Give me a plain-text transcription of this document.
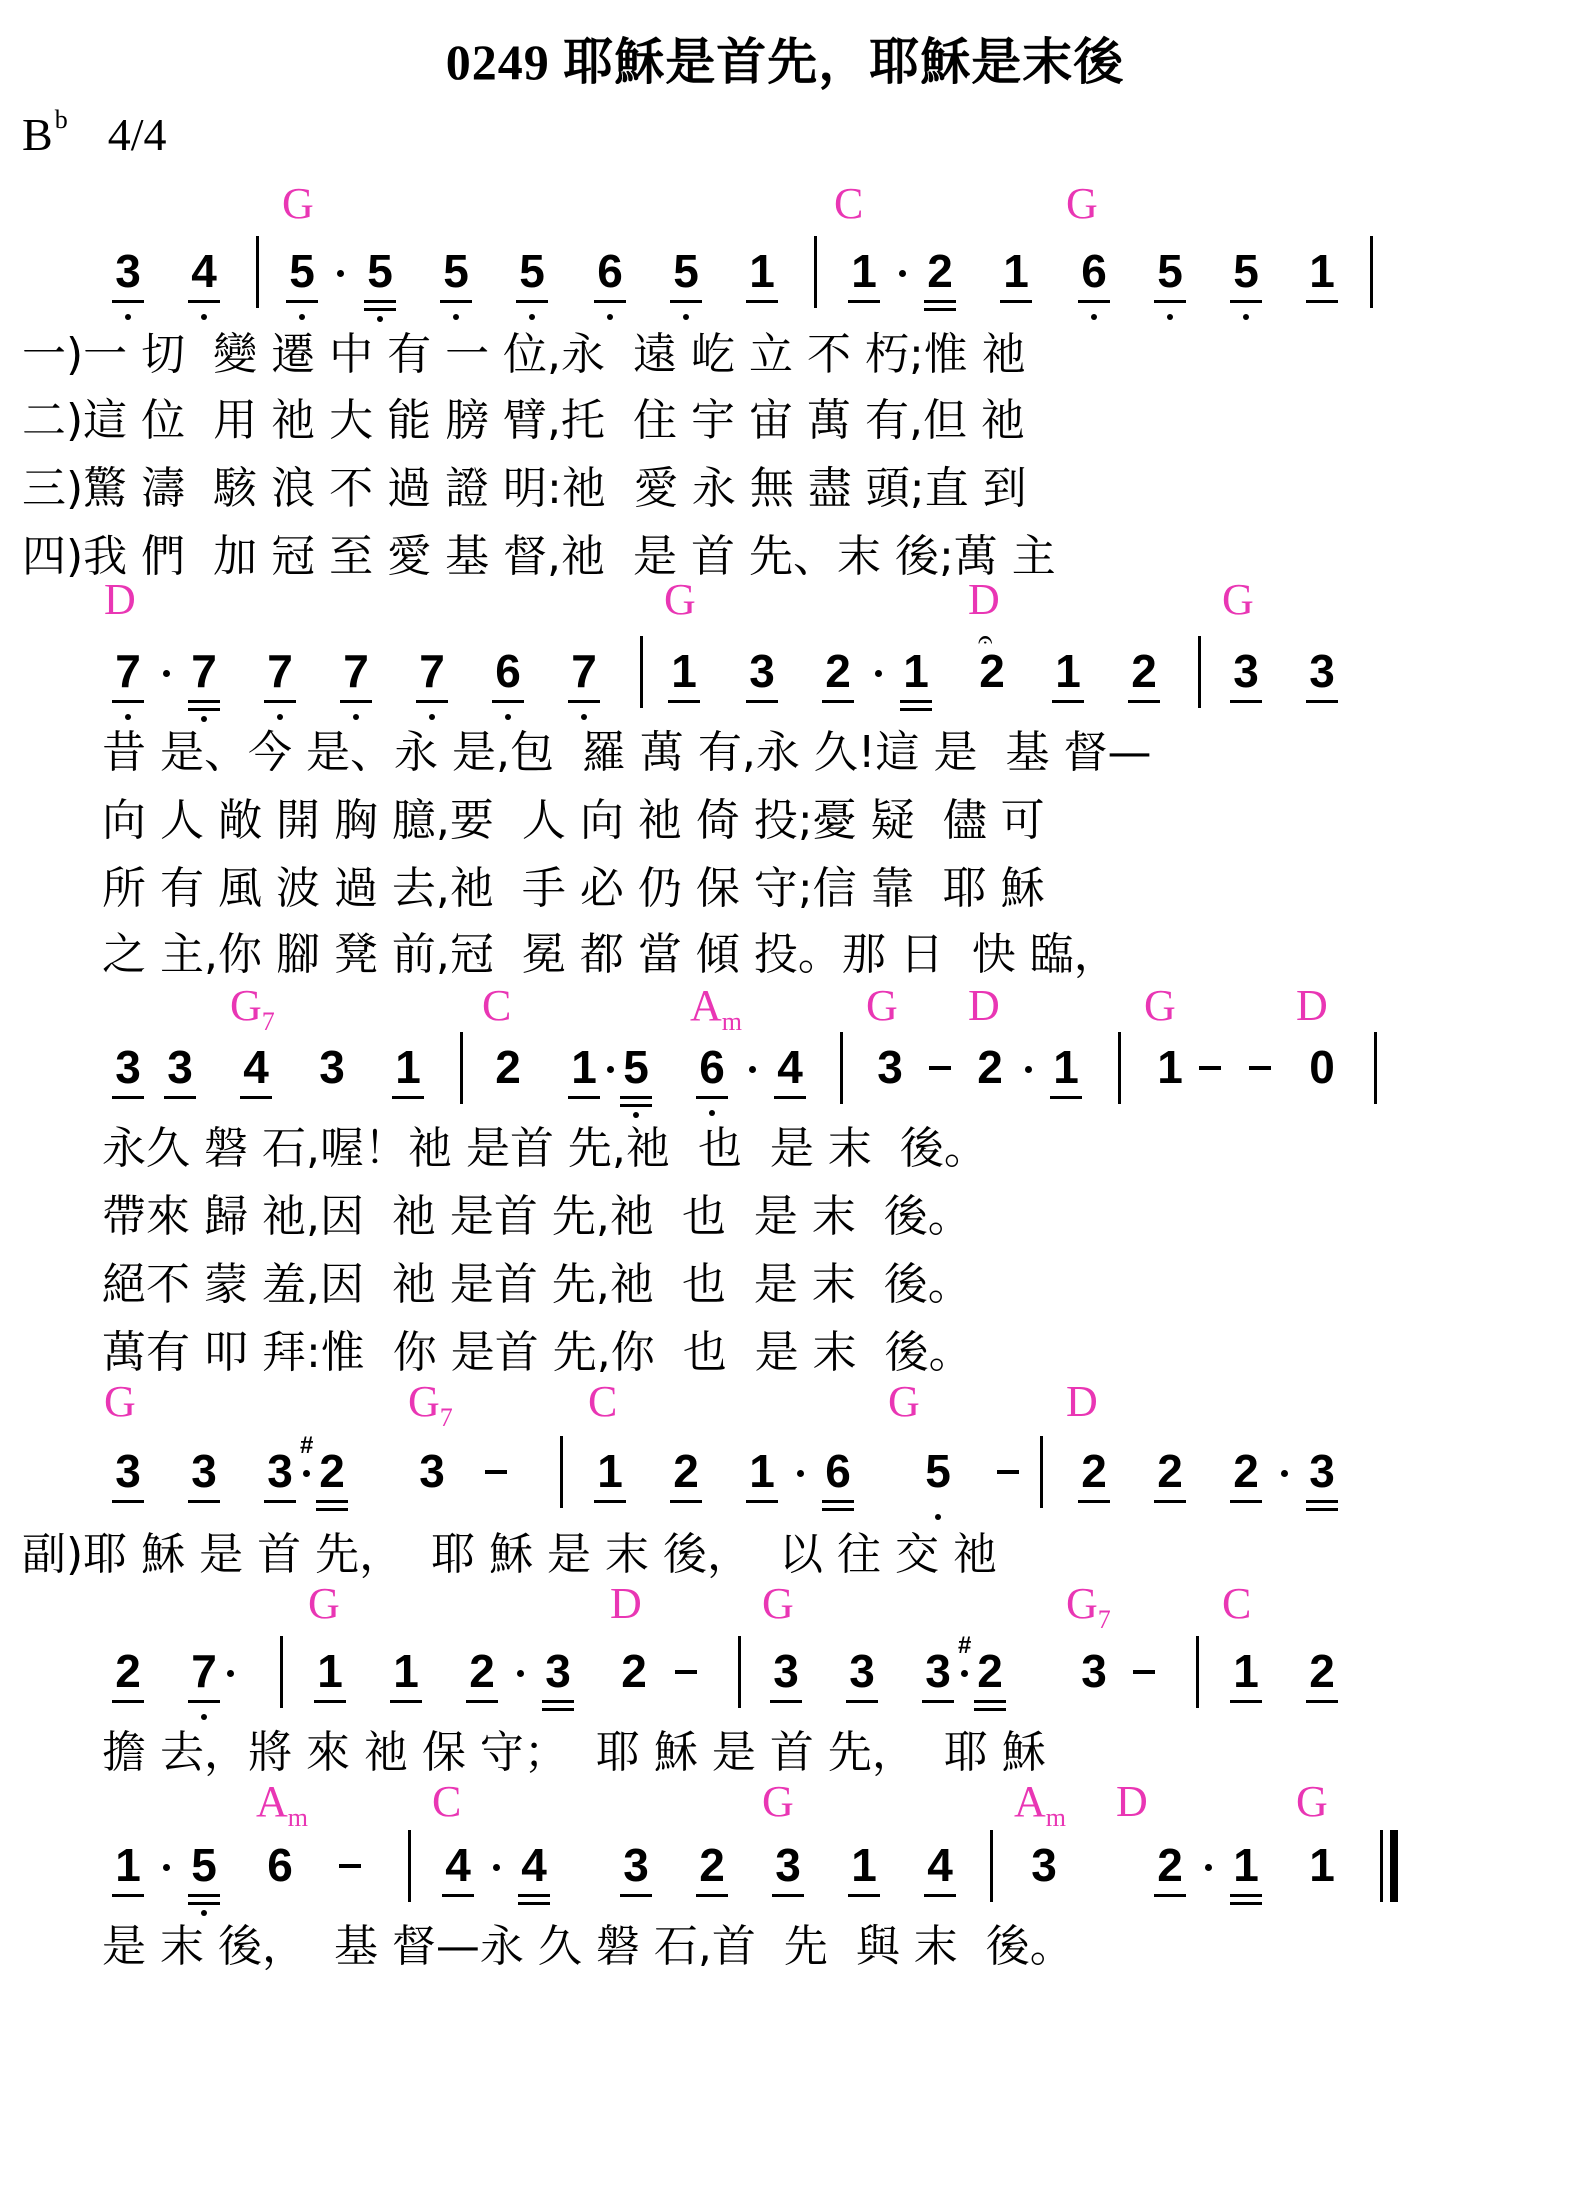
0249 耶穌是首先，耶穌是末後
$B^b$ 4/4
G	C	G
3 4 5 5 5 5 6 5 1 1 2 1 6 5 5 1
一)一 切  變 遷 中 有 一 位,永  遠 屹 立 不 朽;惟 祂
二)這 位  用 祂 大 能 膀 臂,托  住 宇 宙 萬 有,但 祂
三)驚 濤  駭 浪 不 過 證 明:祂  愛 永 無 盡 頭;直 到
四)我 們  加 冠 至 愛 基 督,祂  是 首 先、末 後;萬 主
D	G	D	G
7 7 7 7 7 6 7 1 3 2 1 2
𝄐
1 2 3 3
昔 是、今 是、永 是,包  羅 萬 有,永 久!這 是  基 督—
向 人 敞 開 胸 臆,要  人 向 祂 倚 投;憂 疑  儘 可
所 有 風 波 過 去,祂  手 必 仍 保 守;信 靠  耶 穌
之 主,你 腳 凳 前,冠  冕 都 當 傾 投。那 日  快 臨，
$G_7$	C	$A_m$	G D	G	D
3 3 4 3 1 2 1 5 6 4 3 2 1 1	0
永久 磐 石,喔！祂 是首 先,祂  也  是 末  後。
帶來 歸 祂,因  祂 是首 先,祂  也  是 末  後。
絕不 蒙 羞,因  祂 是首 先,祂  也  是 末  後。
萬有 叩 拜:惟  你 是首 先,你  也  是 末  後。
G	$G_7$	C	G	D
3 3 3 2
# 3	1 2 1 6 5	2 2 2 3
副)耶 穌 是 首 先，  耶 穌 是 末 後，  以 往 交 祂
G	D	G	$G_7$	C
2 7 1 1 2 3 2	3 3 3 2
# 3	1 2
擔 去，將 來 祂 保 守；  耶 穌 是 首 先，  耶 穌
$A_m$	C	G	$A_m$ D	G
1 5 6	4 4 3 2 3 1 4 3 2 1 1
是 末 後，  基 督—永 久 磐 石,首  先  與 末  後。
